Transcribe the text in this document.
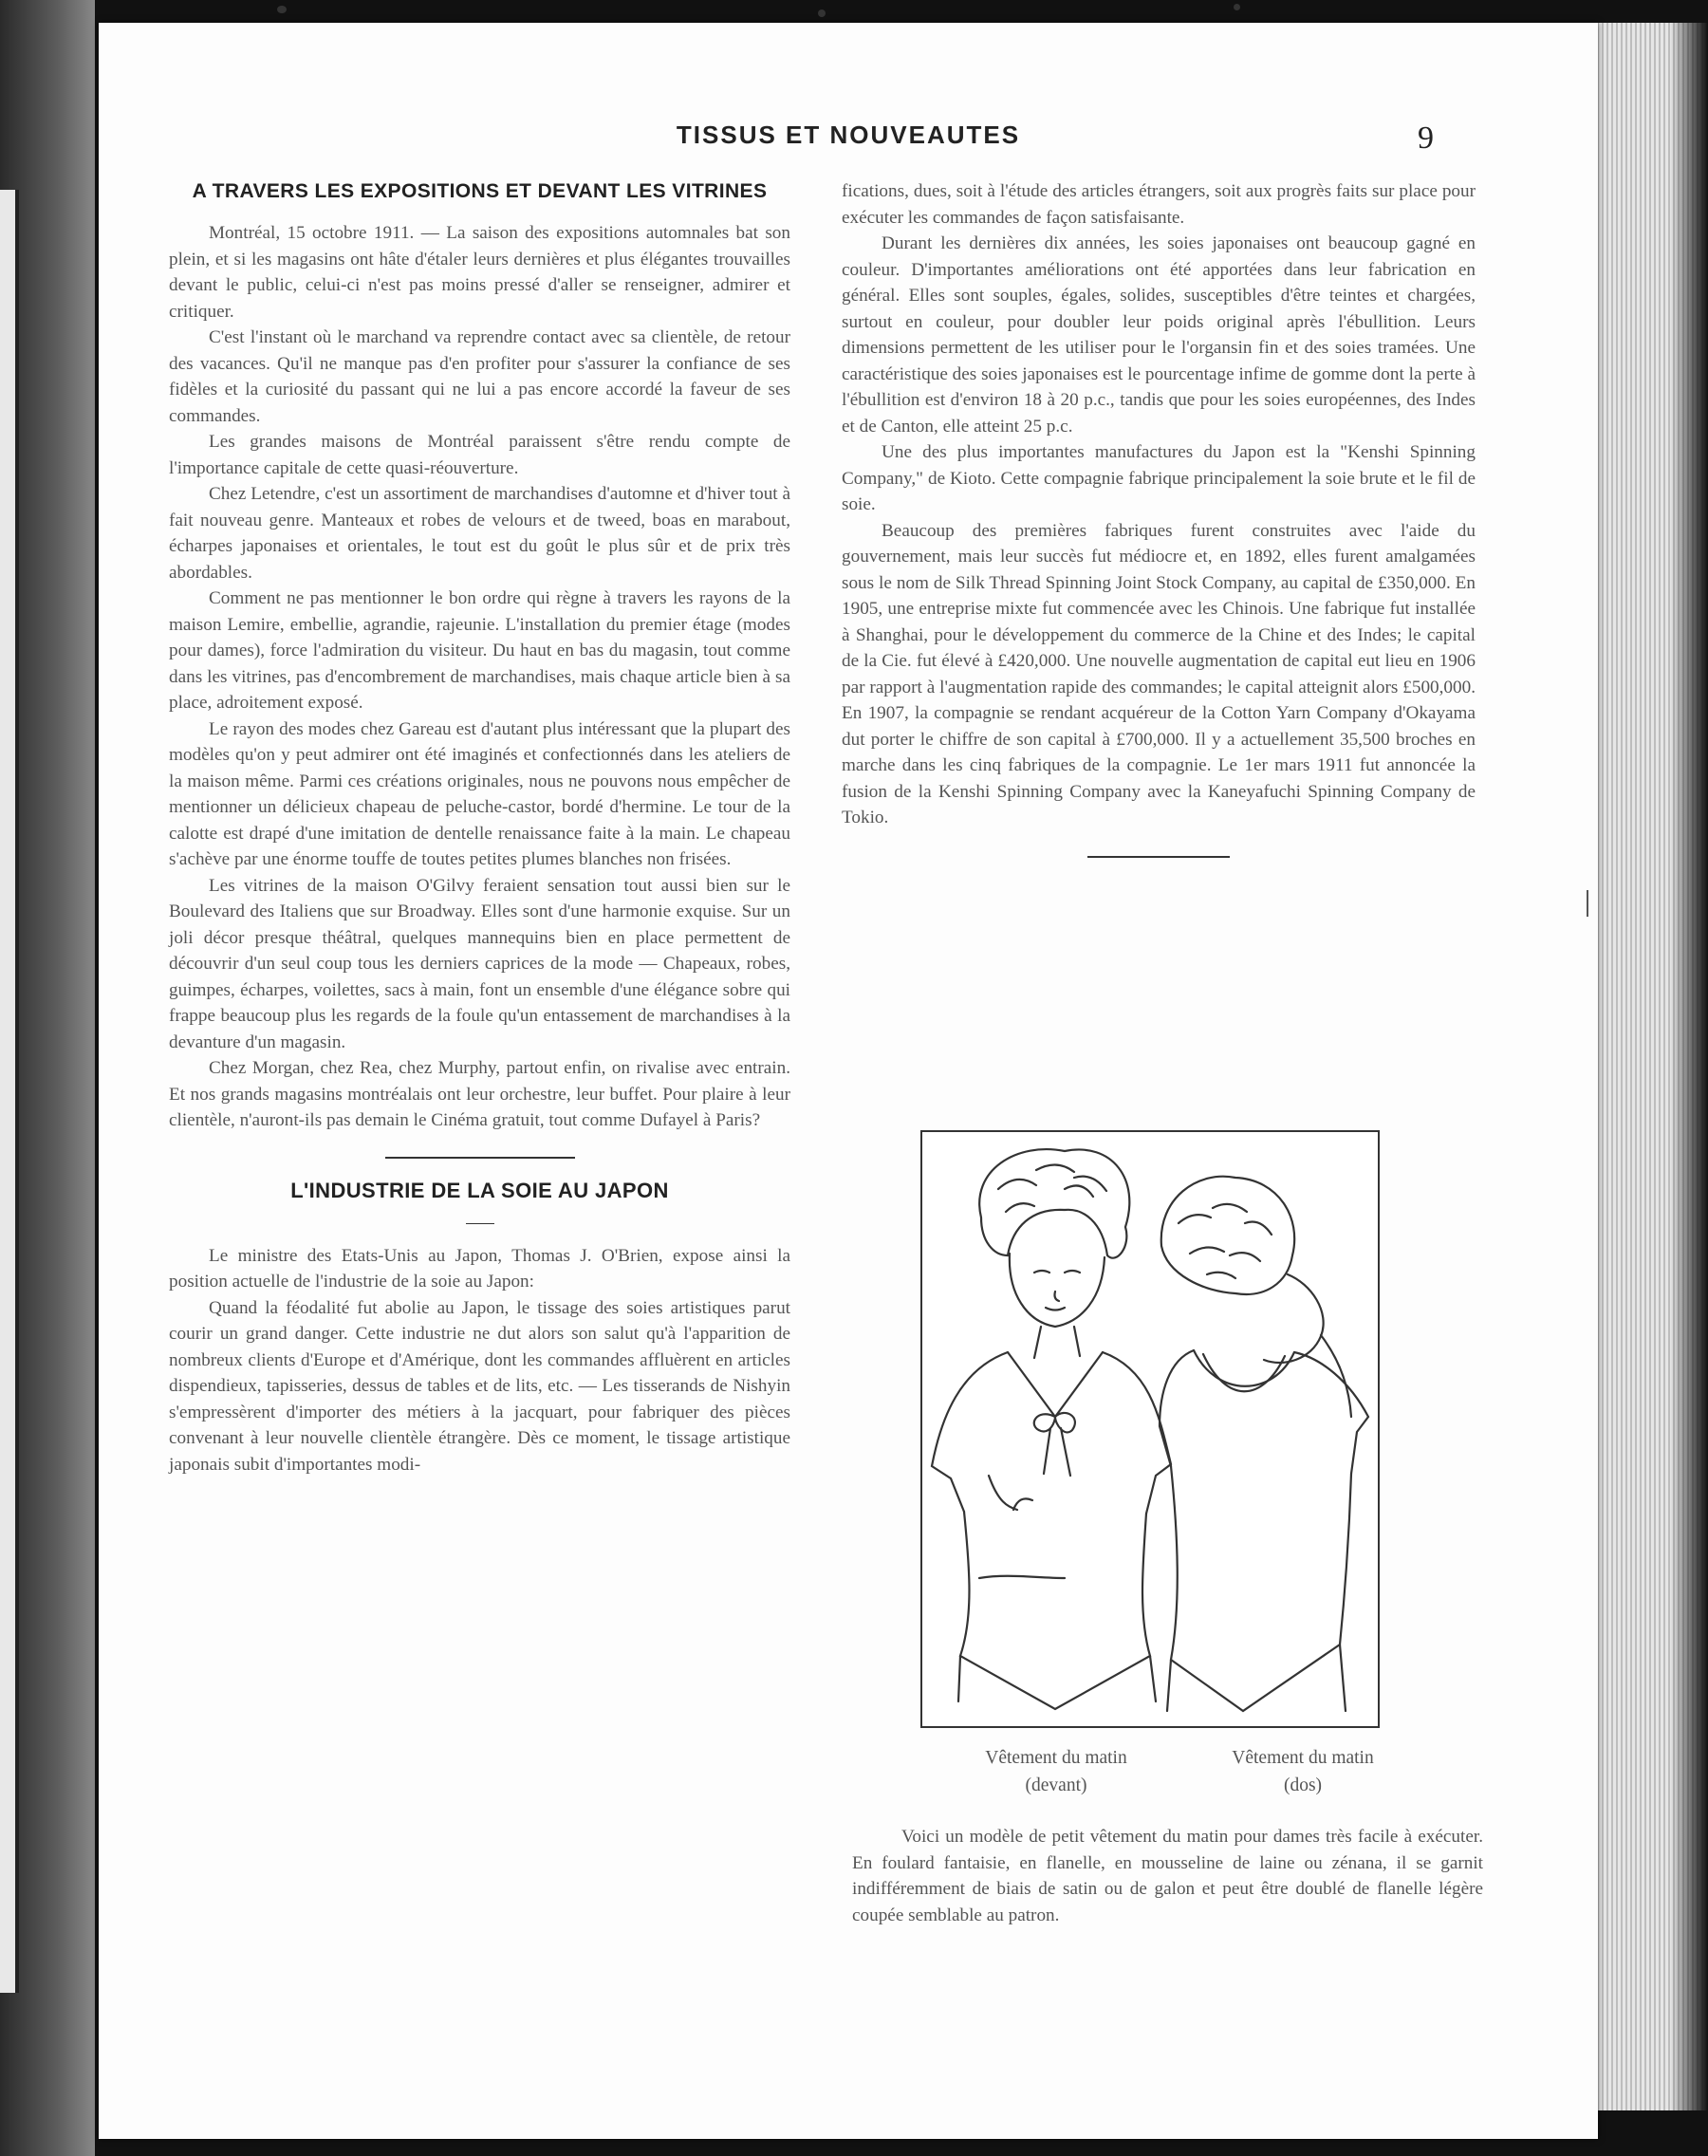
TISSUS ET NOUVEAUTES	9
A TRAVERS LES EXPOSITIONS ET DEVANT LES VITRINES

Montréal, 15 octobre 1911. — La saison des expositions automnales bat son plein, et si les magasins ont hâte d'étaler leurs dernières et plus élégantes trouvailles devant le public, celui-ci n'est pas moins pressé d'aller se renseigner, admirer et critiquer.

C'est l'instant où le marchand va reprendre contact avec sa clientèle, de retour des vacances. Qu'il ne manque pas d'en profiter pour s'assurer la confiance de ses fidèles et la curiosité du passant qui ne lui a pas encore accordé la faveur de ses commandes.

Les grandes maisons de Montréal paraissent s'être rendu compte de l'importance capitale de cette quasi-réouverture.

Chez Letendre, c'est un assortiment de marchandises d'automne et d'hiver tout à fait nouveau genre. Manteaux et robes de velours et de tweed, boas en marabout, écharpes japonaises et orientales, le tout est du goût le plus sûr et de prix très abordables.

Comment ne pas mentionner le bon ordre qui règne à travers les rayons de la maison Lemire, embellie, agrandie, rajeunie. L'installation du premier étage (modes pour dames), force l'admiration du visiteur. Du haut en bas du magasin, tout comme dans les vitrines, pas d'encombrement de marchandises, mais chaque article bien à sa place, adroitement exposé.

Le rayon des modes chez Gareau est d'autant plus intéressant que la plupart des modèles qu'on y peut admirer ont été imaginés et confectionnés dans les ateliers de la maison même. Parmi ces créations originales, nous ne pouvons nous empêcher de mentionner un délicieux chapeau de peluche-castor, bordé d'hermine. Le tour de la calotte est drapé d'une imitation de dentelle renaissance faite à la main. Le chapeau s'achève par une énorme touffe de toutes petites plumes blanches non frisées.

Les vitrines de la maison O'Gilvy feraient sensation tout aussi bien sur le Boulevard des Italiens que sur Broadway. Elles sont d'une harmonie exquise. Sur un joli décor presque théâtral, quelques mannequins bien en place permettent de découvrir d'un seul coup tous les derniers caprices de la mode — Chapeaux, robes, guimpes, écharpes, voilettes, sacs à main, font un ensemble d'une élégance sobre qui frappe beaucoup plus les regards de la foule qu'un entassement de marchandises à la devanture d'un magasin.

Chez Morgan, chez Rea, chez Murphy, partout enfin, on rivalise avec entrain. Et nos grands magasins montréalais ont leur orchestre, leur buffet. Pour plaire à leur clientèle, n'auront-ils pas demain le Cinéma gratuit, tout comme Dufayel à Paris?

L'INDUSTRIE DE LA SOIE AU JAPON

Le ministre des Etats-Unis au Japon, Thomas J. O'Brien, expose ainsi la position actuelle de l'industrie de la soie au Japon:

Quand la féodalité fut abolie au Japon, le tissage des soies artistiques parut courir un grand danger. Cette industrie ne dut alors son salut qu'à l'apparition de nombreux clients d'Europe et d'Amérique, dont les commandes affluèrent en articles dispendieux, tapisseries, dessus de tables et de lits, etc. — Les tisserands de Nishyin s'empressèrent d'importer des métiers à la jacquart, pour fabriquer des pièces convenant à leur nouvelle clientèle étrangère. Dès ce moment, le tissage artistique japonais subit d'importantes modi-

fications, dues, soit à l'étude des articles étrangers, soit aux progrès faits sur place pour exécuter les commandes de façon satisfaisante.

Durant les dernières dix années, les soies japonaises ont beaucoup gagné en couleur. D'importantes améliorations ont été apportées dans leur fabrication en général. Elles sont souples, égales, solides, susceptibles d'être teintes et chargées, surtout en couleur, pour doubler leur poids original après l'ébullition. Leurs dimensions permettent de les utiliser pour le l'organsin fin et des soies tramées. Une caractéristique des soies japonaises est le pourcentage infime de gomme dont la perte à l'ébullition est d'environ 18 à 20 p.c., tandis que pour les soies européennes, des Indes et de Canton, elle atteint 25 p.c.

Une des plus importantes manufactures du Japon est la "Kenshi Spinning Company," de Kioto. Cette compagnie fabrique principalement la soie brute et le fil de soie.

Beaucoup des premières fabriques furent construites avec l'aide du gouvernement, mais leur succès fut médiocre et, en 1892, elles furent amalgamées sous le nom de Silk Thread Spinning Joint Stock Company, au capital de £350,000. En 1905, une entreprise mixte fut commencée avec les Chinois. Une fabrique fut installée à Shanghai, pour le développement du commerce de la Chine et des Indes; le capital de la Cie. fut élevé à £420,000. Une nouvelle augmentation de capital eut lieu en 1906 par rapport à l'augmentation rapide des commandes; le capital atteignit alors £500,000. En 1907, la compagnie se rendant acquéreur de la Cotton Yarn Company d'Okayama dut porter le chiffre de son capital à £700,000. Il y a actuellement 35,500 broches en marche dans les cinq fabriques de la compagnie. Le 1er mars 1911 fut annoncée la fusion de la Kenshi Spinning Company avec la Kaneyafuchi Spinning Company de Tokio.

Vêtement du matin
(devant)
Vêtement du matin
(dos)

Voici un modèle de petit vêtement du matin pour dames très facile à exécuter. En foulard fantaisie, en flanelle, en mousseline de laine ou zénana, il se garnit indifféremment de biais de satin ou de galon et peut être doublé de flanelle légère coupée semblable au patron.
